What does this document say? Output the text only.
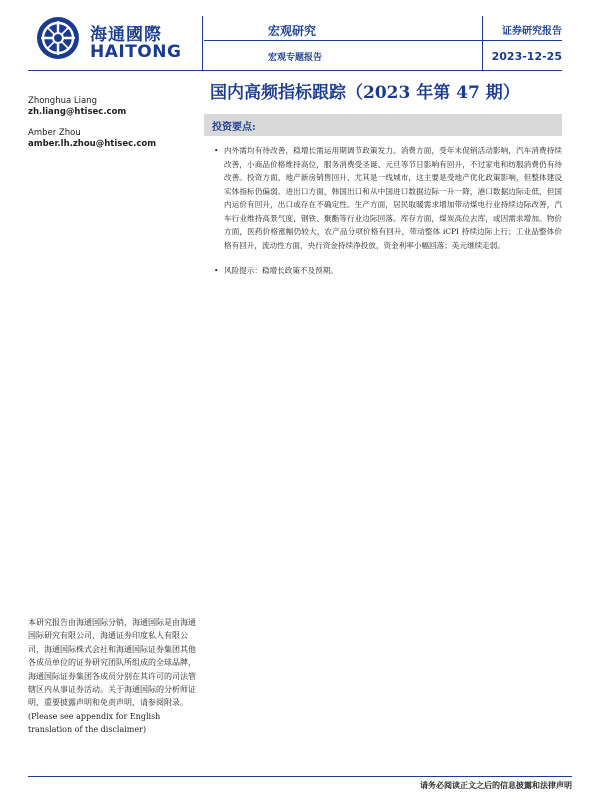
海通國際
HAITONG
宏观研究
宏观专题报告
证券研究报告
2023-12-25
国内高频指标跟踪（2023 年第 47 期）
Zhonghua Liang
zh.liang@htisec.com
Amber Zhou
amber.lh.zhou@htisec.com
投资要点:
• 内外需均有待改善，稳增长需运用期调节政策发力。消费方面，受年末促销活动影响，汽车消费持续改善，小商品价格维持高位，服务消费受圣诞、元旦等节日影响有回升，不过家电和纺服消费仍有待改善。投资方面，地产新房销售回升，尤其是一线城市，这主要是受地产优化政策影响，但整体建设实体指标仍偏弱。进出口方面，韩国出口和从中国进口数据边际一升一降，港口数据边际走低，但国内运价有回升，出口或存在不确定性。生产方面，居民取暖需求增加带动煤电行业持续边际改善，汽车行业维持高景气度，钢铁、聚酯等行业边际回落。库存方面，煤炭高位去库，或因需求增加。物价方面，医药价格涨幅仍较大，农产品分项价格有回升，带动整体 iCPI 持续边际上行；工业品整体价格有回升，流动性方面，央行资金持续净投放，资金利率小幅回落；美元继续走弱。
• 风险提示：稳增长政策不及预期。
本研究报告由海通国际分销，海通国际是由海通国际研究有限公司，海通证券印度私人有限公司，海通国际株式会社和海通国际证券集团其他各成员单位的证券研究团队所组成的全球品牌，海通国际证券集团各成员分别在其许可的司法管辖区内从事证券活动。关于海通国际的分析师证明，重要披露声明和免责声明，请参阅附录。(Please see appendix for English translation of the disclaimer)
请务必阅读正文之后的信息披露和法律声明
